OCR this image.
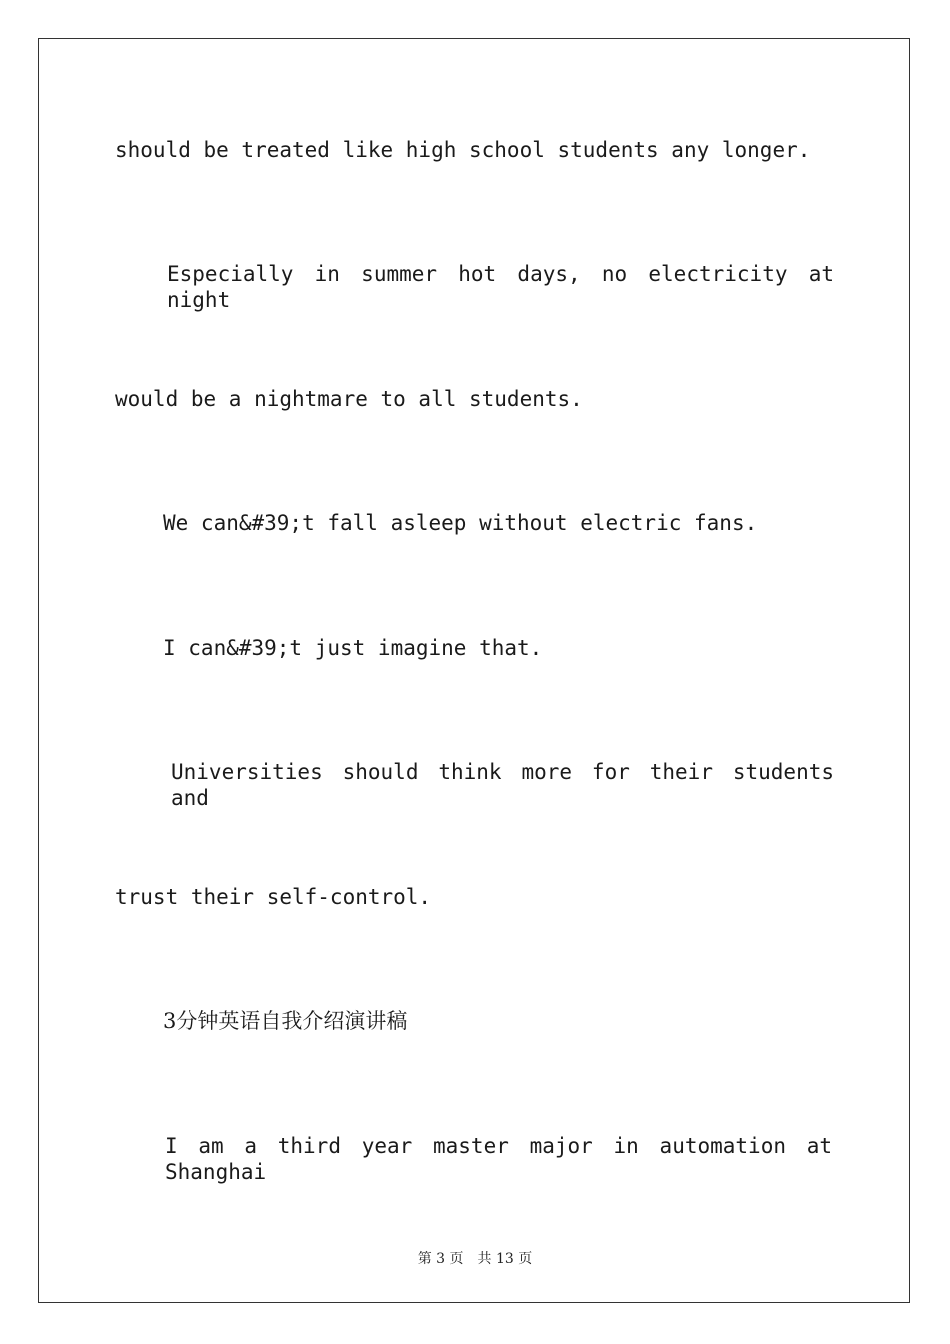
should be treated like high school students any longer.
Especially in summer hot days, no electricity at night
would be a nightmare to all students.
We can&#39;t fall asleep without electric fans.
I can&#39;t just imagine that.
Universities should think more for their students and
trust their self-control.
3分钟英语自我介绍演讲稿
I am a third year master major in automation at Shanghai
第 3 页　共 13 页
